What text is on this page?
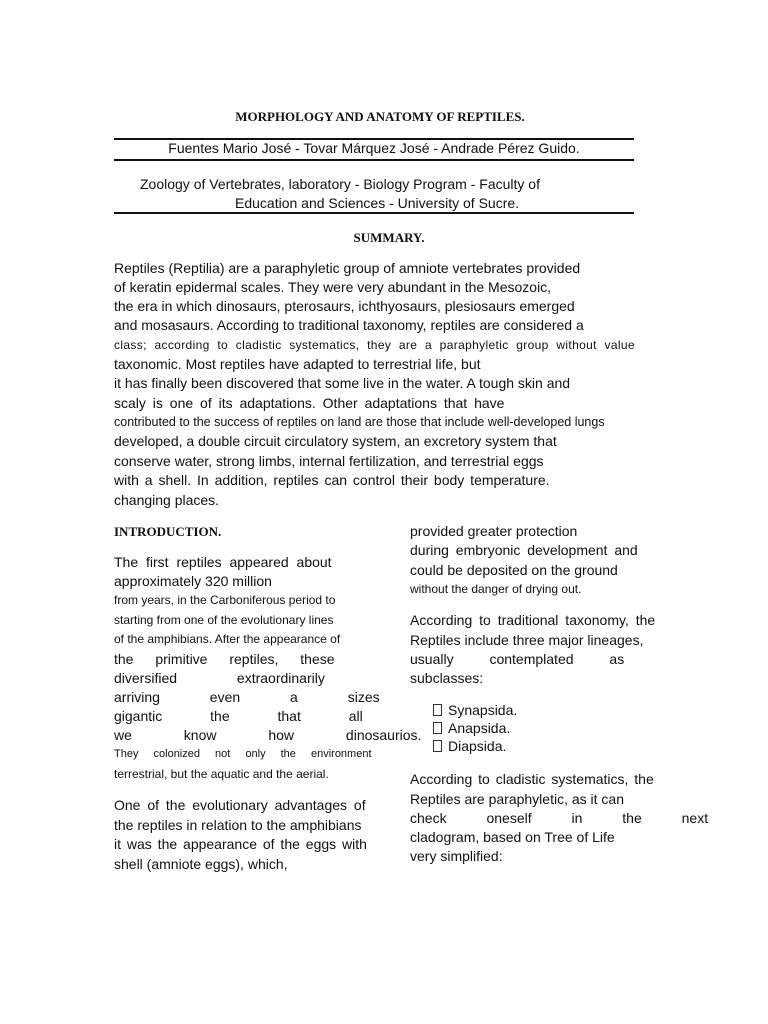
MORPHOLOGY AND ANATOMY OF REPTILES.
Fuentes Mario José - Tovar Márquez José - Andrade Pérez Guido.
Zoology of Vertebrates, laboratory - Biology Program - Faculty of
Education and Sciences - University of Sucre.
SUMMARY.
Reptiles (Reptilia) are a paraphyletic group of amniote vertebrates provided
of keratin epidermal scales. They were very abundant in the Mesozoic,
the era in which dinosaurs, pterosaurs, ichthyosaurs, plesiosaurs emerged
and mosasaurs. According to traditional taxonomy, reptiles are considered a
class; according to cladistic systematics, they are a paraphyletic group without value
taxonomic. Most reptiles have adapted to terrestrial life, but
it has finally been discovered that some live in the water. A tough skin and
scaly is one of its adaptations. Other adaptations that have
contributed to the success of reptiles on land are those that include well-developed lungs
developed, a double circuit circulatory system, an excretory system that
conserve water, strong limbs, internal fertilization, and terrestrial eggs
with a shell. In addition, reptiles can control their body temperature.
changing places.
INTRODUCTION.
The first reptiles appeared about
approximately 320 million
from years, in the Carboniferous period to
starting from one of the evolutionary lines
of the amphibians. After the appearance of
the primitive reptiles, these
diversified extraordinarily
arriving even a sizes
gigantic the that all
we know how dinosaurios.
They colonized not only the environment
terrestrial, but the aquatic and the aerial.
One of the evolutionary advantages of
the reptiles in relation to the amphibians
it was the appearance of the eggs with
shell (amniote eggs), which,
provided greater protection
during embryonic development and
could be deposited on the ground
without the danger of drying out.
According to traditional taxonomy, the
Reptiles include three major lineages,
usually contemplated as
subclasses:
Synapsida.
Anapsida.
Diapsida.
According to cladistic systematics, the
Reptiles are paraphyletic, as it can
check oneself in the next
cladogram, based on Tree of Life
very simplified:
